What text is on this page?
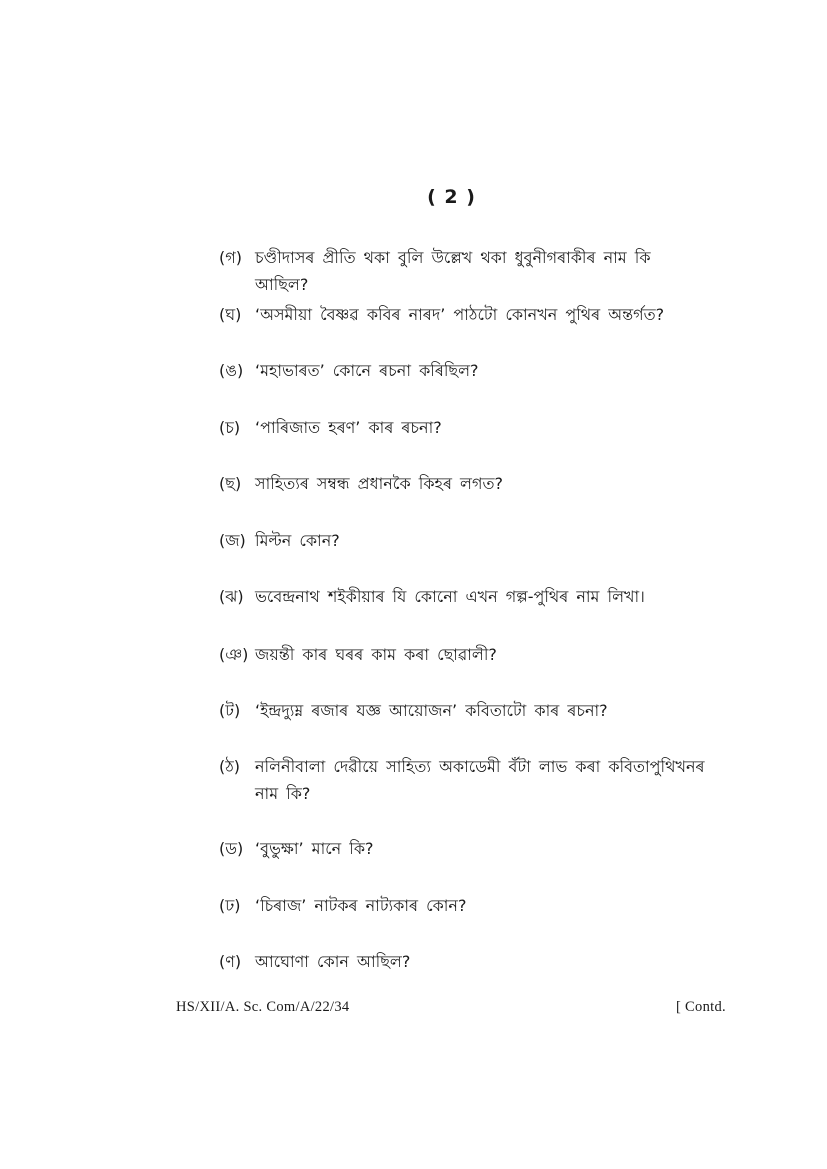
( 2 )
(গ) চণ্ডীদাসৰ প্ৰীতি থকা বুলি উল্লেখ থকা ধুবুনীগৰাকীৰ নাম কি আছিল?
(ঘ) ‘অসমীয়া বৈষ্ণৱ কবিৰ নাৰদ’ পাঠটো কোনখন পুথিৰ অন্তৰ্গত?
(ঙ) ‘মহাভাৰত’ কোনে ৰচনা কৰিছিল?
(চ) ‘পাৰিজাত হৰণ’ কাৰ ৰচনা?
(ছ) সাহিত্যৰ সম্বন্ধ প্ৰধানকৈ কিহৰ লগত?
(জ) মিল্টন কোন?
(ঝ) ভবেন্দ্ৰনাথ শইকীয়াৰ যি কোনো এখন গল্প-পুথিৰ নাম লিখা।
(ঞ) জয়ন্তী কাৰ ঘৰৰ কাম কৰা ছোৱালী?
(ট) ‘ইন্দ্ৰদ্যুম্ন ৰজাৰ যজ্ঞ আয়োজন’ কবিতাটো কাৰ ৰচনা?
(ঠ) নলিনীবালা দেৱীয়ে সাহিত্য অকাডেমী বঁটা লাভ কৰা কবিতাপুথিখনৰ নাম কি?
(ড) ‘বুভুক্ষা’ মানে কি?
(ঢ) ‘চিৰাজ’ নাটকৰ নাট্যকাৰ কোন?
(ণ) আঘোণা কোন আছিল?
HS/XII/A. Sc. Com/A/22/34	[ Contd.
